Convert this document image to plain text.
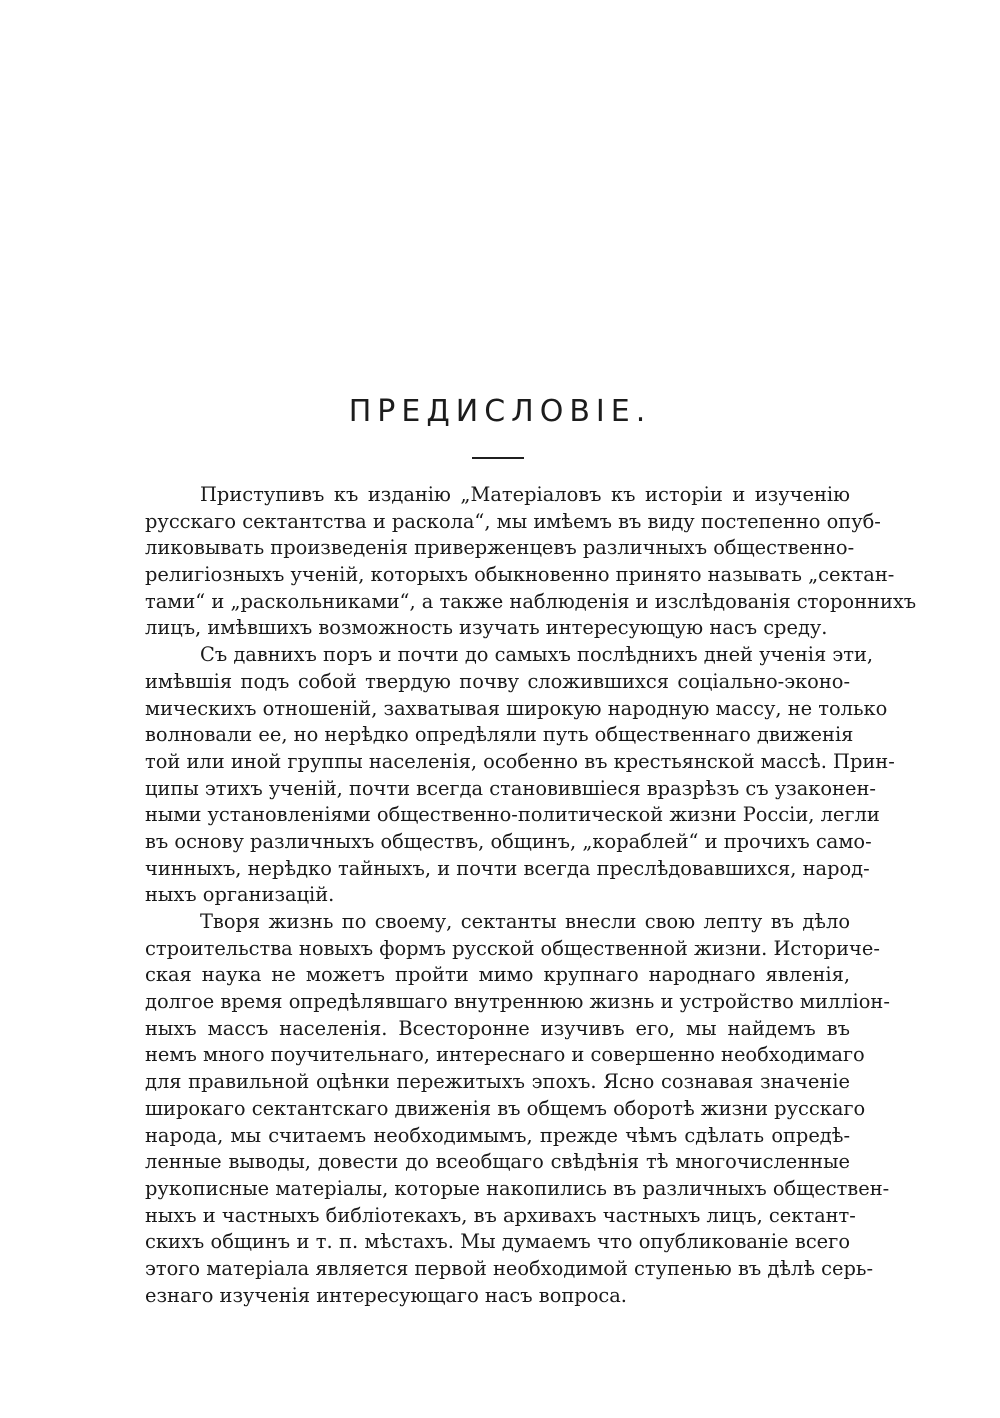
ПРЕДИСЛОВІЕ.
Приступивъ къ изданію „Матеріаловъ къ исторіи и изученію
русскаго сектантства и раскола“, мы имѣемъ въ виду постепенно опуб-
ликовывать произведенія приверженцевъ различныхъ общественно-
религіозныхъ ученій, которыхъ обыкновенно принято называть „сектан-
тами“ и „раскольниками“, а также наблюденія и изслѣдованія стороннихъ
лицъ, имѣвшихъ возможность изучать интересующую насъ среду.
Съ давнихъ поръ и почти до самыхъ послѣднихъ дней ученія эти,
имѣвшія подъ собой твердую почву сложившихся соціально-эконо-
мическихъ отношеній, захватывая широкую народную массу, не только
волновали ее, но нерѣдко опредѣляли путь общественнаго движенія
той или иной группы населенія, особенно въ крестьянской массѣ. Прин-
ципы этихъ ученій, почти всегда становившіеся вразрѣзъ съ узаконен-
ными установленіями общественно-политической жизни Россіи, легли
въ основу различныхъ обществъ, общинъ, „кораблей“ и прочихъ само-
чинныхъ, нерѣдко тайныхъ, и почти всегда преслѣдовавшихся, народ-
ныхъ организацій.
Творя жизнь по своему, сектанты внесли свою лепту въ дѣло
строительства новыхъ формъ русской общественной жизни. Историче-
ская наука не можетъ пройти мимо крупнаго народнаго явленія,
долгое время опредѣлявшаго внутреннюю жизнь и устройство милліон-
ныхъ массъ населенія. Всесторонне изучивъ его, мы найдемъ въ
немъ много поучительнаго, интереснаго и совершенно необходимаго
для правильной оцѣнки пережитыхъ эпохъ. Ясно сознавая значеніе
широкаго сектантскаго движенія въ общемъ оборотѣ жизни русскаго
народа, мы считаемъ необходимымъ, прежде чѣмъ сдѣлать опредѣ-
ленные выводы, довести до всеобщаго свѣдѣнія тѣ многочисленные
рукописные матеріалы, которые накопились въ различныхъ обществен-
ныхъ и частныхъ библіотекахъ, въ архивахъ частныхъ лицъ, сектант-
скихъ общинъ и т. п. мѣстахъ. Мы думаемъ что опубликованіе всего
этого матеріала является первой необходимой ступенью въ дѣлѣ серь-
езнаго изученія интересующаго насъ вопроса.
